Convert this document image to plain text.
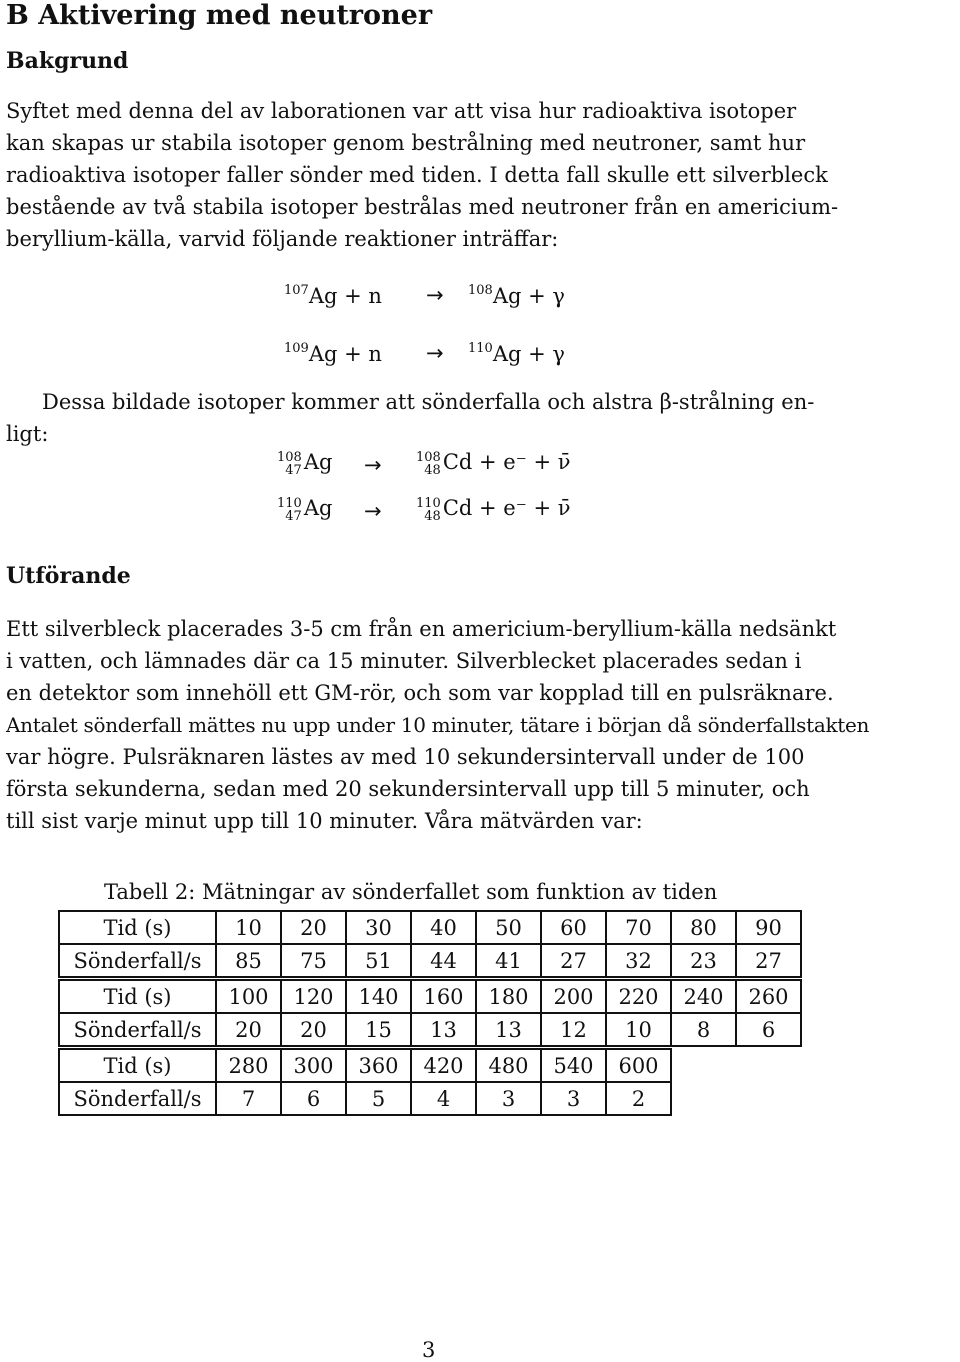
B Aktivering med neutroner
Bakgrund
Syftet med denna del av laborationen var att visa hur radioaktiva isotoper
kan skapas ur stabila isotoper genom bestrålning med neutroner, samt hur
radioaktiva isotoper faller sönder med tiden. I detta fall skulle ett silverbleck
bestående av två stabila isotoper bestrålas med neutroner från en americium-
beryllium-källa, varvid följande reaktioner inträffar:
$^{107}$Ag + n → $^{108}$Ag + γ
$^{109}$Ag + n → $^{110}$Ag + γ
Dessa bildade isotoper kommer att sönderfalla och alstra β-strålning en-
ligt:
108
47 Ag →	108
48 Cd + e⁻ + ν̄
110
47 Ag →	110
48 Cd + e⁻ + ν̄
Utförande
Ett silverbleck placerades 3-5 cm från en americium-beryllium-källa nedsänkt
i vatten, och lämnades där ca 15 minuter. Silverblecket placerades sedan i
en detektor som innehöll ett GM-rör, och som var kopplad till en pulsräknare.
Antalet sönderfall mättes nu upp under 10 minuter, tätare i början då sönderfallstakten
var högre. Pulsräknaren lästes av med 10 sekundersintervall under de 100
första sekunderna, sedan med 20 sekundersintervall upp till 5 minuter, och
till sist varje minut upp till 10 minuter. Våra mätvärden var:
Tabell 2: Mätningar av sönderfallet som funktion av tiden
Tid (s)	10	20	30	40	50	60	70	80	90
Sönderfall/s	85	75	51	44	41	27	32	23	27
Tid (s)	100	120	140	160	180	200	220	240	260
Sönderfall/s	20	20	15	13	13	12	10	8	6
Tid (s)	280	300	360	420	480	540	600
Sönderfall/s	7	6	5	4	3	3	2
3
